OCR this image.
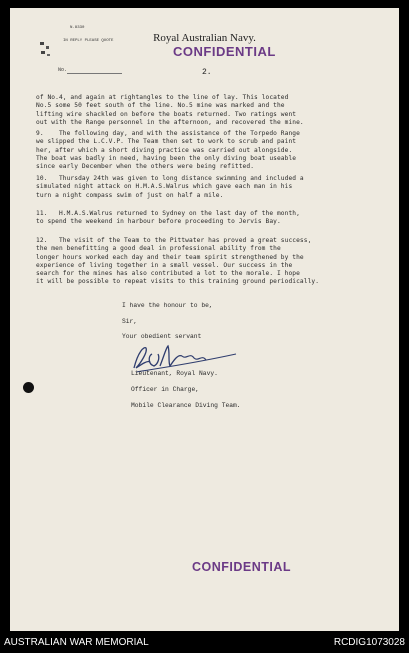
N.8330
IN REPLY PLEASE QUOTE
No.
Royal Australian Navy.
CONFIDENTIAL
2.
of No.4, and again at rightangles to the line of lay. This located
No.5 some 50 feet south of the line. No.5 mine was marked and the
lifting wire shackled on before the boats returned. Two ratings went
out with the Range personnel in the afternoon, and recovered the mine.
9.    The following day, and with the assistance of the Torpedo Range
we slipped the L.C.V.P. The Team then set to work to scrub and paint
her, after which a short diving practice was carried out alongside.
The boat was badly in need, having been the only diving boat useable
since early December when the others were being refitted.
10.   Thursday 24th was given to long distance swimming and included a
simulated night attack on H.M.A.S.Walrus which gave each man in his
turn a night compass swim of just on half a mile.
11.   H.M.A.S.Walrus returned to Sydney on the last day of the month,
to spend the weekend in harbour before proceeding to Jervis Bay.
12.   The visit of the Team to the Pittwater has proved a great success,
the men benefitting a good deal in professional ability from the
longer hours worked each day and their team spirit strengthened by the
experience of living together in a small vessel. Our success in the
search for the mines has also contributed a lot to the morale. I hope
it will be possible to repeat visits to this training ground periodically.
I have the honour to be,
Sir,
Your obedient servant
Lieutenant, Royal Navy.
Officer in Charge,
Mobile Clearance Diving Team.
CONFIDENTIAL
AUSTRALIAN WAR MEMORIAL	RCDIG1073028
